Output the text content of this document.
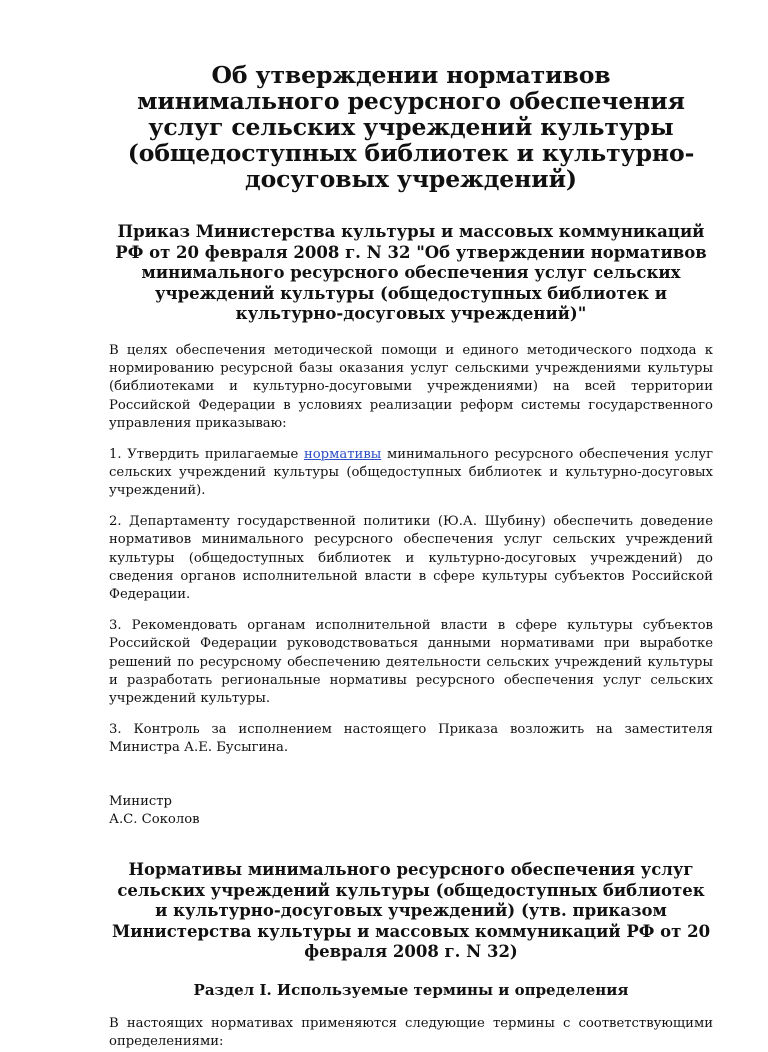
Об утверждении нормативов минимального ресурсного обеспечения услуг сельских учреждений культуры (общедоступных библиотек и культурно-досуговых учреждений)
Приказ Министерства культуры и массовых коммуникаций РФ от 20 февраля 2008 г. N 32 "Об утверждении нормативов минимального ресурсного обеспечения услуг сельских учреждений культуры (общедоступных библиотек и культурно-досуговых учреждений)"

В целях обеспечения методической помощи и единого методического подхода к нормированию ресурсной базы оказания услуг сельскими учреждениями культуры (библиотеками и культурно-досуговыми учреждениями) на всей территории Российской Федерации в условиях реализации реформ системы государственного управления приказываю:

1. Утвердить прилагаемые нормативы минимального ресурсного обеспечения услуг сельских учреждений культуры (общедоступных библиотек и культурно-досуговых учреждений).

2. Департаменту государственной политики (Ю.А. Шубину) обеспечить доведение нормативов минимального ресурсного обеспечения услуг сельских учреждений культуры (общедоступных библиотек и культурно-досуговых учреждений) до сведения органов исполнительной власти в сфере культуры субъектов Российской Федерации.

3. Рекомендовать органам исполнительной власти в сфере культуры субъектов Российской Федерации руководствоваться данными нормативами при выработке решений по ресурсному обеспечению деятельности сельских учреждений культуры и разработать региональные нормативы ресурсного обеспечения услуг сельских учреждений культуры.

3. Контроль за исполнением настоящего Приказа возложить на заместителя Министра А.Е. Бусыгина.

Министр
А.С. Соколов
Нормативы минимального ресурсного обеспечения услуг сельских учреждений культуры (общедоступных библиотек и культурно-досуговых учреждений) (утв. приказом Министерства культуры и массовых коммуникаций РФ от 20 февраля 2008 г. N 32)
Раздел I. Используемые термины и определения

В настоящих нормативах применяются следующие термины с соответствующими определениями:
